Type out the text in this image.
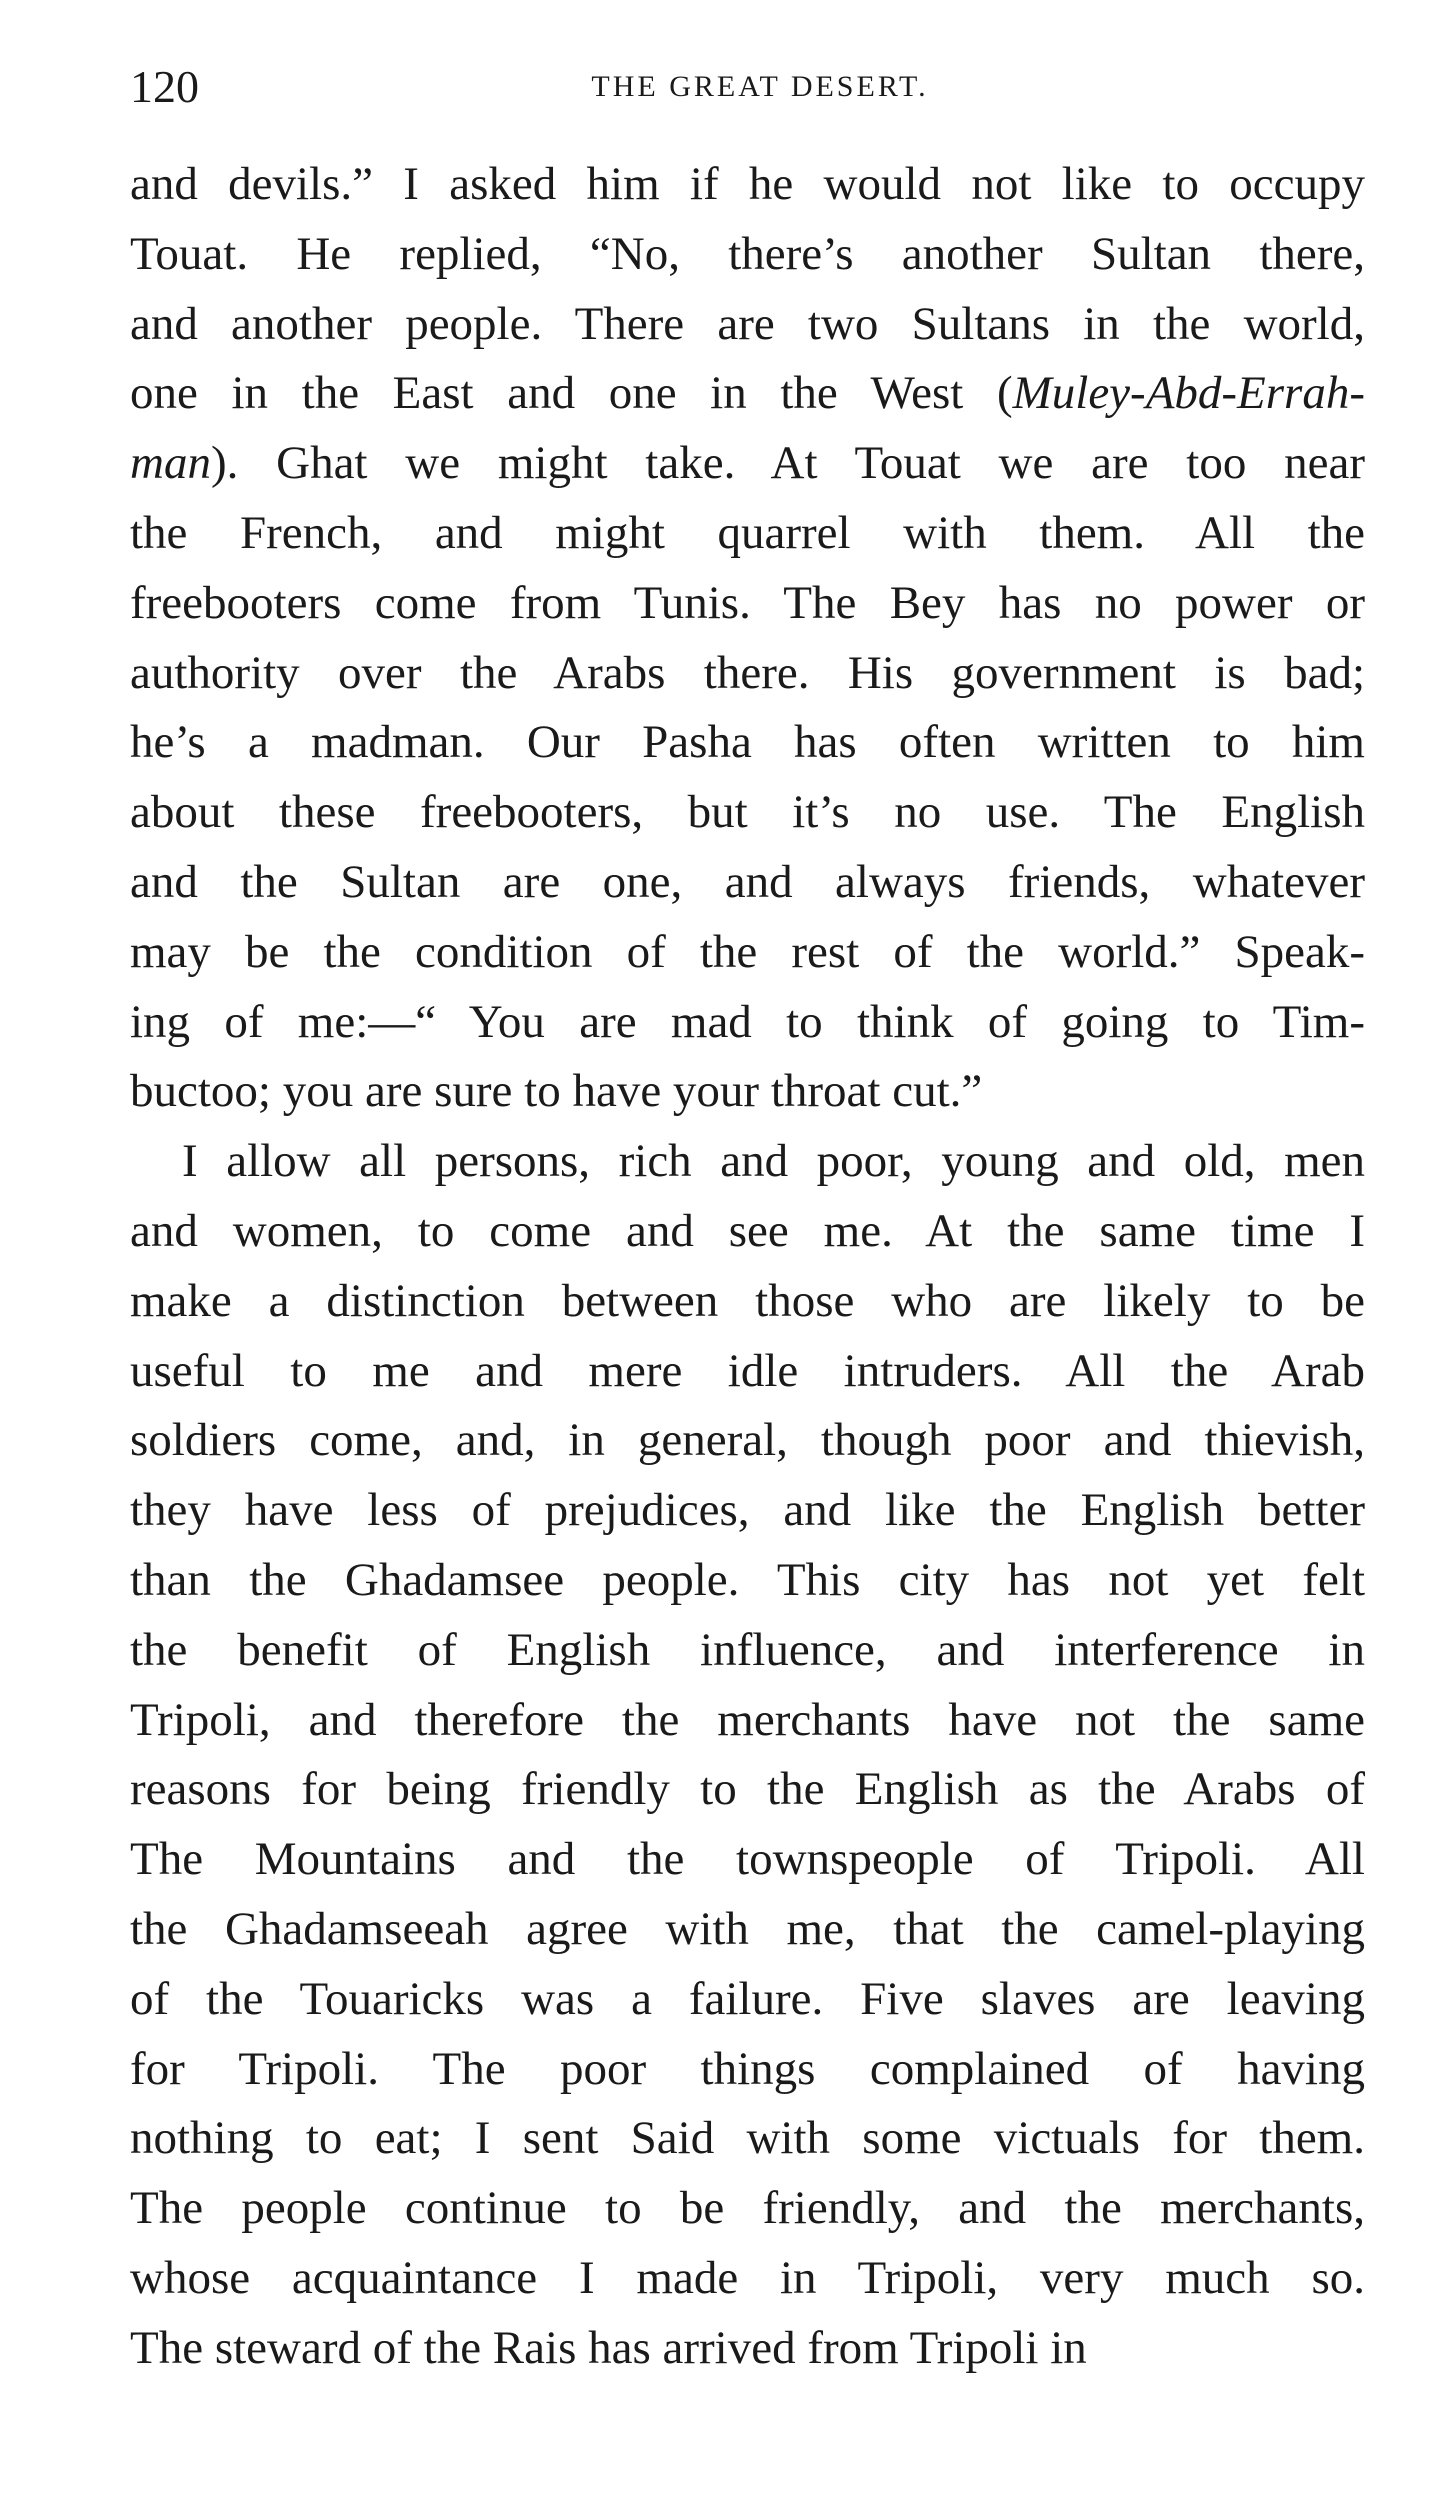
120	THE GREAT DESERT.
and devils.” I asked him if he would not like to occupy
Touat. He replied, “No, there’s another Sultan there,
and another people. There are two Sultans in the world,
one in the East and one in the West (Muley-Abd-Errah-
man). Ghat we might take. At Touat we are too near
the French, and might quarrel with them. All the
freebooters come from Tunis. The Bey has no power or
authority over the Arabs there. His government is bad;
he’s a madman. Our Pasha has often written to him
about these freebooters, but it’s no use. The English
and the Sultan are one, and always friends, whatever
may be the condition of the rest of the world.” Speak-
ing of me:—“ You are mad to think of going to Tim-
buctoo; you are sure to have your throat cut.”
I allow all persons, rich and poor, young and old, men
and women, to come and see me. At the same time I
make a distinction between those who are likely to be
useful to me and mere idle intruders. All the Arab
soldiers come, and, in general, though poor and thievish,
they have less of prejudices, and like the English better
than the Ghadamsee people. This city has not yet felt
the benefit of English influence, and interference in
Tripoli, and therefore the merchants have not the same
reasons for being friendly to the English as the Arabs of
The Mountains and the townspeople of Tripoli. All
the Ghadamseeah agree with me, that the camel-playing
of the Touaricks was a failure. Five slaves are leaving
for Tripoli. The poor things complained of having
nothing to eat; I sent Said with some victuals for them.
The people continue to be friendly, and the merchants,
whose acquaintance I made in Tripoli, very much so.
The steward of the Rais has arrived from Tripoli in
